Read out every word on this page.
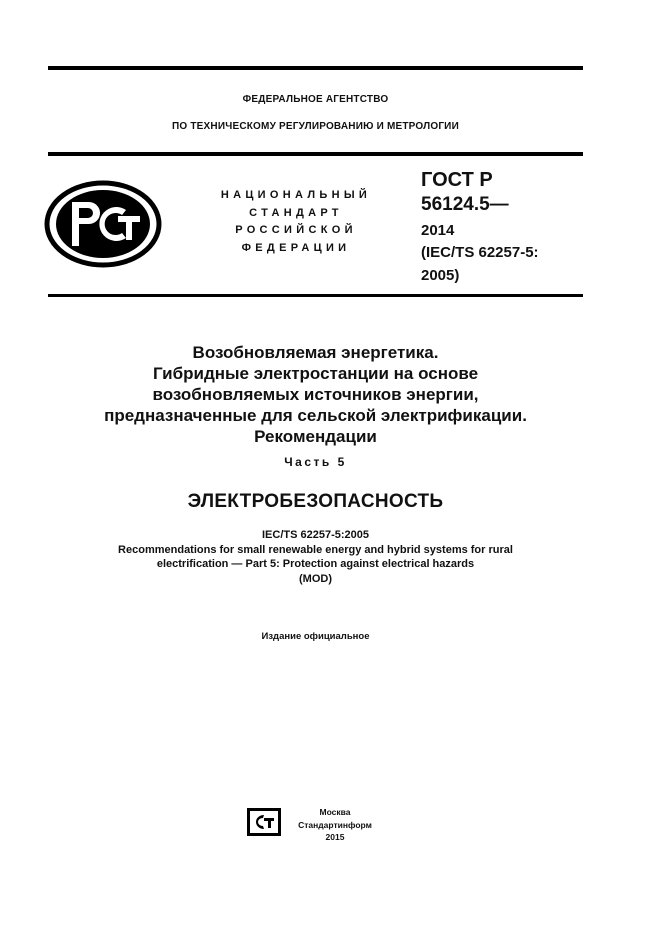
ФЕДЕРАЛЬНОЕ АГЕНТСТВО
ПО ТЕХНИЧЕСКОМУ РЕГУЛИРОВАНИЮ И МЕТРОЛОГИИ
НАЦИОНАЛЬНЫЙ
СТАНДАРТ
РОССИЙСКОЙ
ФЕДЕРАЦИИ
ГОСТ Р
56124.5—
2014
(IEC/TS 62257-5:
2005)
Возобновляемая энергетика.
Гибридные электростанции на основе
возобновляемых источников энергии,
предназначенные для сельской электрификации.
Рекомендации
Часть 5
ЭЛЕКТРОБЕЗОПАСНОСТЬ
IEC/TS 62257-5:2005
Recommendations for small renewable energy and hybrid systems for rural
electrification — Part 5: Protection against electrical hazards
(MOD)
Издание официальное
Москва
Стандартинформ
2015
